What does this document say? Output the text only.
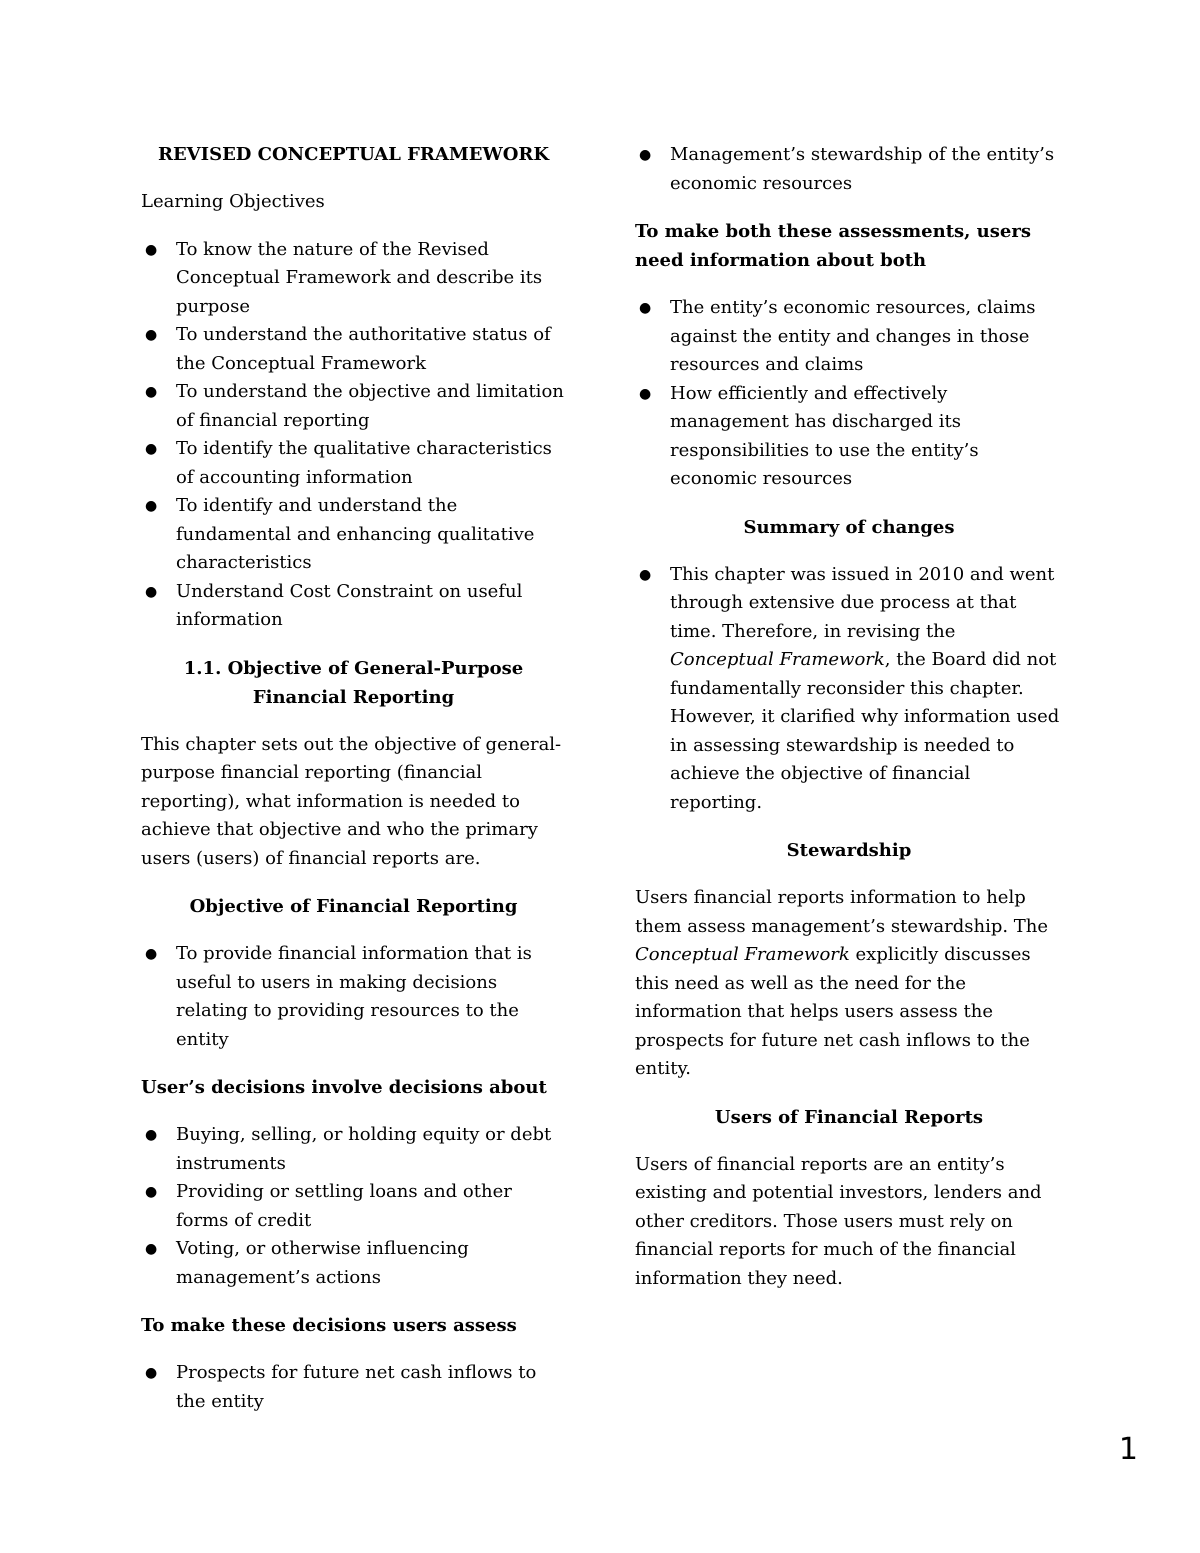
REVISED CONCEPTUAL FRAMEWORK

Learning Objectives

● To know the nature of the Revised Conceptual Framework and describe its purpose
● To understand the authoritative status of the Conceptual Framework
● To understand the objective and limitation of financial reporting
● To identify the qualitative characteristics of accounting information
● To identify and understand the fundamental and enhancing qualitative characteristics
● Understand Cost Constraint on useful information
1.1. Objective of General-Purpose Financial Reporting

This chapter sets out the objective of general-purpose financial reporting (financial reporting), what information is needed to achieve that objective and who the primary users (users) of financial reports are.

Objective of Financial Reporting
● To provide financial information that is useful to users in making decisions relating to providing resources to the entity
User’s decisions involve decisions about
● Buying, selling, or holding equity or debt instruments
● Providing or settling loans and other forms of credit
● Voting, or otherwise influencing management’s actions
To make these decisions users assess
● Prospects for future net cash inflows to the entity
● Management’s stewardship of the entity’s economic resources
To make both these assessments, users need information about both
● The entity’s economic resources, claims against the entity and changes in those resources and claims
● How efficiently and effectively management has discharged its responsibilities to use the entity’s economic resources
Summary of changes
● This chapter was issued in 2010 and went through extensive due process at that time. Therefore, in revising the Conceptual Framework, the Board did not fundamentally reconsider this chapter. However, it clarified why information used in assessing stewardship is needed to achieve the objective of financial reporting.
Stewardship

Users financial reports information to help them assess management’s stewardship. The Conceptual Framework explicitly discusses this need as well as the need for the information that helps users assess the prospects for future net cash inflows to the entity.

Users of Financial Reports

Users of financial reports are an entity’s existing and potential investors, lenders and other creditors. Those users must rely on financial reports for much of the financial information they need.

1
